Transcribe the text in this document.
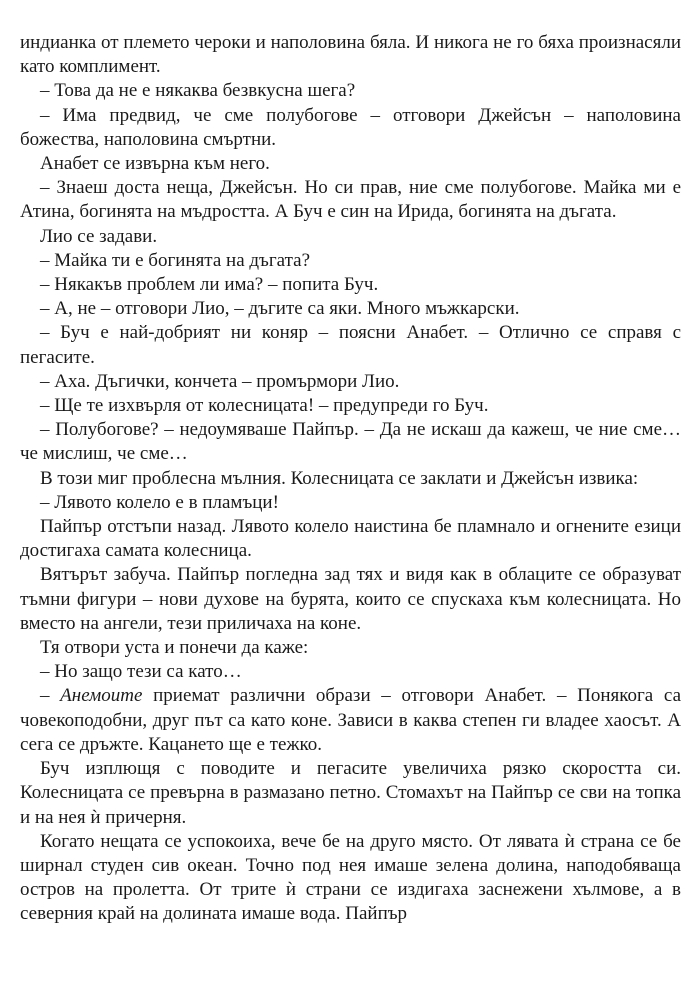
индианка от племето чероки и наполовина бяла. И никога не го бяха произнасяли като комплимент.

– Това да не е някаква безвкусна шега?

– Има предвид, че сме полубогове – отговори Джейсън – наполовина божества, наполовина смъртни.

Анабет се извърна към него.

– Знаеш доста неща, Джейсън. Но си прав, ние сме полубогове. Майка ми е Атина, богинята на мъдростта. А Буч е син на Ирида, богинята на дъгата.

Лио се задави.

– Майка ти е богинята на дъгата?

– Някакъв проблем ли има? – попита Буч.

– А, не – отговори Лио, – дъгите са яки. Много мъжкарски.

– Буч е най-добрият ни коняр – поясни Анабет. – Отлично се справя с пегасите.

– Аха. Дъгички, кончета – промърмори Лио.

– Ще те изхвърля от колесницата! – предупреди го Буч.

– Полубогове? – недоумяваше Пайпър. – Да не искаш да кажеш, че ние сме… че мислиш, че сме…

В този миг проблесна мълния. Колесницата се заклати и Джейсън извика:

– Лявото колело е в пламъци!

Пайпър отстъпи назад. Лявото колело наистина бе пламнало и огнените езици достигаха самата колесница.

Вятърът забуча. Пайпър погледна зад тях и видя как в облаците се образуват тъмни фигури – нови духове на бурята, които се спускаха към колесницата. Но вместо на ангели, тези приличаха на коне.

Тя отвори уста и понечи да каже:

– Но защо тези са като…

– Анемоите приемат различни образи – отговори Анабет. – Понякога са човекоподобни, друг път са като коне. Зависи в каква степен ги владее хаосът. А сега се дръжте. Кацането ще е тежко.

Буч изплющя с поводите и пегасите увеличиха рязко скоростта си. Колесницата се превърна в размазано петно. Стомахът на Пайпър се сви на топка и на нея ѝ причерня.

Когато нещата се успокоиха, вече бе на друго място. От лявата ѝ страна се бе ширнал студен сив океан. Точно под нея имаше зелена долина, наподобяваща остров на пролетта. От трите ѝ страни се издигаха заснежени хълмове, а в северния край на долината имаше вода. Пайпър
